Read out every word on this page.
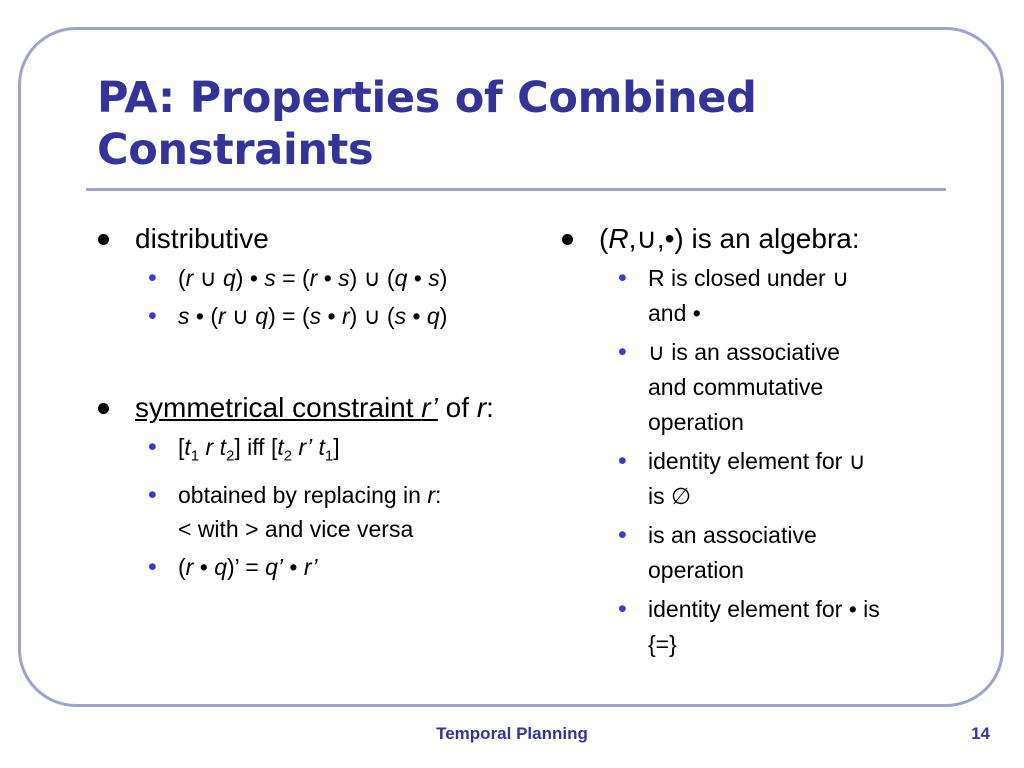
PA: Properties of Combined Constraints
distributive
• (r ∪ q) • s = (r • s) ∪ (q • s)
• s • (r ∪ q) = (s • r) ∪ (s • q)
symmetrical constraint r’ of r:
• [$t_1$ r $t_2$] iff [$t_2$ r’ $t_1$]
• obtained by replacing in r:
< with > and vice versa
• (r • q)’ = q’ • r’
(R,∪,•) is an algebra:
• R is closed under ∪
and •
• ∪ is an associative
and commutative
operation
• identity element for ∪
is ∅
• is an associative
operation
• identity element for • is
{=}
Temporal Planning	14
